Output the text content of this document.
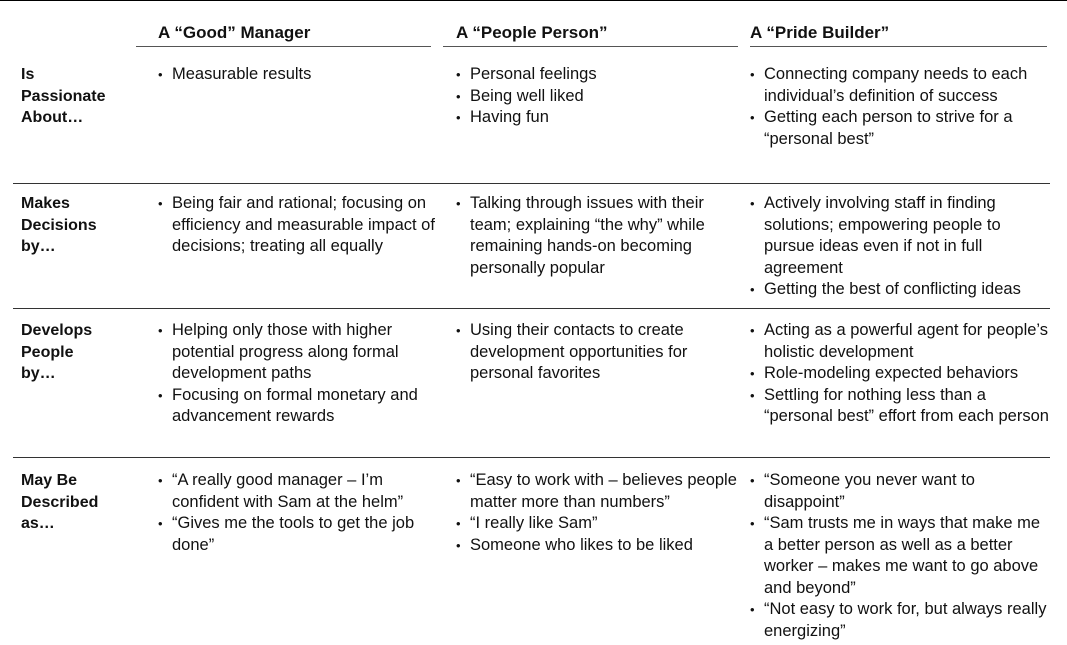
A “Good” Manager	A “People Person”	A “Pride Builder”
Is
Passionate
About…
• Measurable results
•	Personal feelings
• Being well liked
• Having fun
• Connecting company needs to each individual’s definition of success
• Getting each person to strive for a “personal best”
Makes
Decisions
by…
• Being fair and rational; focusing on efficiency and measurable impact of decisions; treating all equally
• Talking through issues with their team; explaining “the why” while remaining hands-on becoming personally popular
• Actively involving staff in finding solutions; empowering people to pursue ideas even if not in full agreement
• Getting the best of conflicting ideas
Develops
People
by…
• Helping only those with higher potential progress along formal development paths
• Focusing on formal monetary and advancement rewards
• Using their contacts to create development opportunities for personal favorites
• Acting as a powerful agent for people’s holistic development
• Role-modeling expected behaviors
• Settling for nothing less than a “personal best” effort from each person
May Be
Described
as…
• “A really good manager – I’m confident with Sam at the helm”
• “Gives me the tools to get the job done”
• “Easy to work with – believes people matter more than numbers”
• “I really like Sam”
• Someone who likes to be liked
• “Someone you never want to disappoint”
• “Sam trusts me in ways that make me a better person as well as a better worker – makes me want to go above and beyond”
• “Not easy to work for, but always really energizing”
